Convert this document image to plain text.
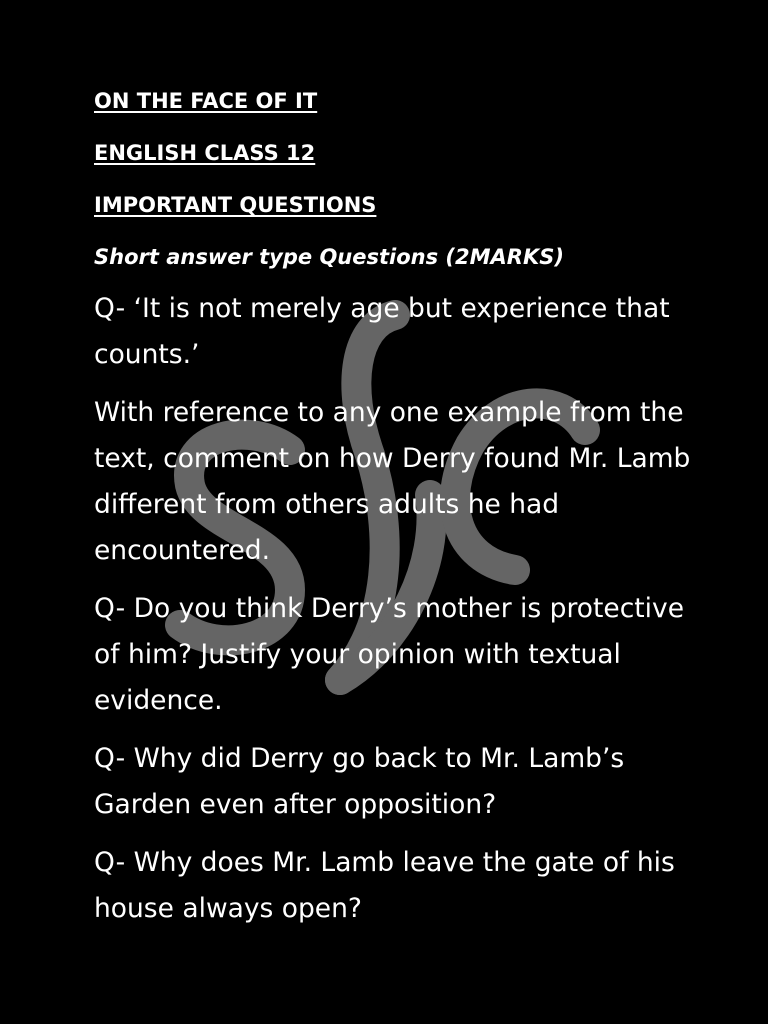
ON THE FACE OF IT
ENGLISH CLASS 12
IMPORTANT QUESTIONS
Short answer type Questions (2MARKS)

Q- ‘It is not merely age but experience that counts.’

With reference to any one example from the text, comment on how Derry found Mr. Lamb different from others adults he had encountered.

Q- Do you think Derry’s mother is protective of him? Justify your opinion with textual evidence.

Q- Why did Derry go back to Mr. Lamb’s Garden even after opposition?

Q- Why does Mr. Lamb leave the gate of his house always open?
